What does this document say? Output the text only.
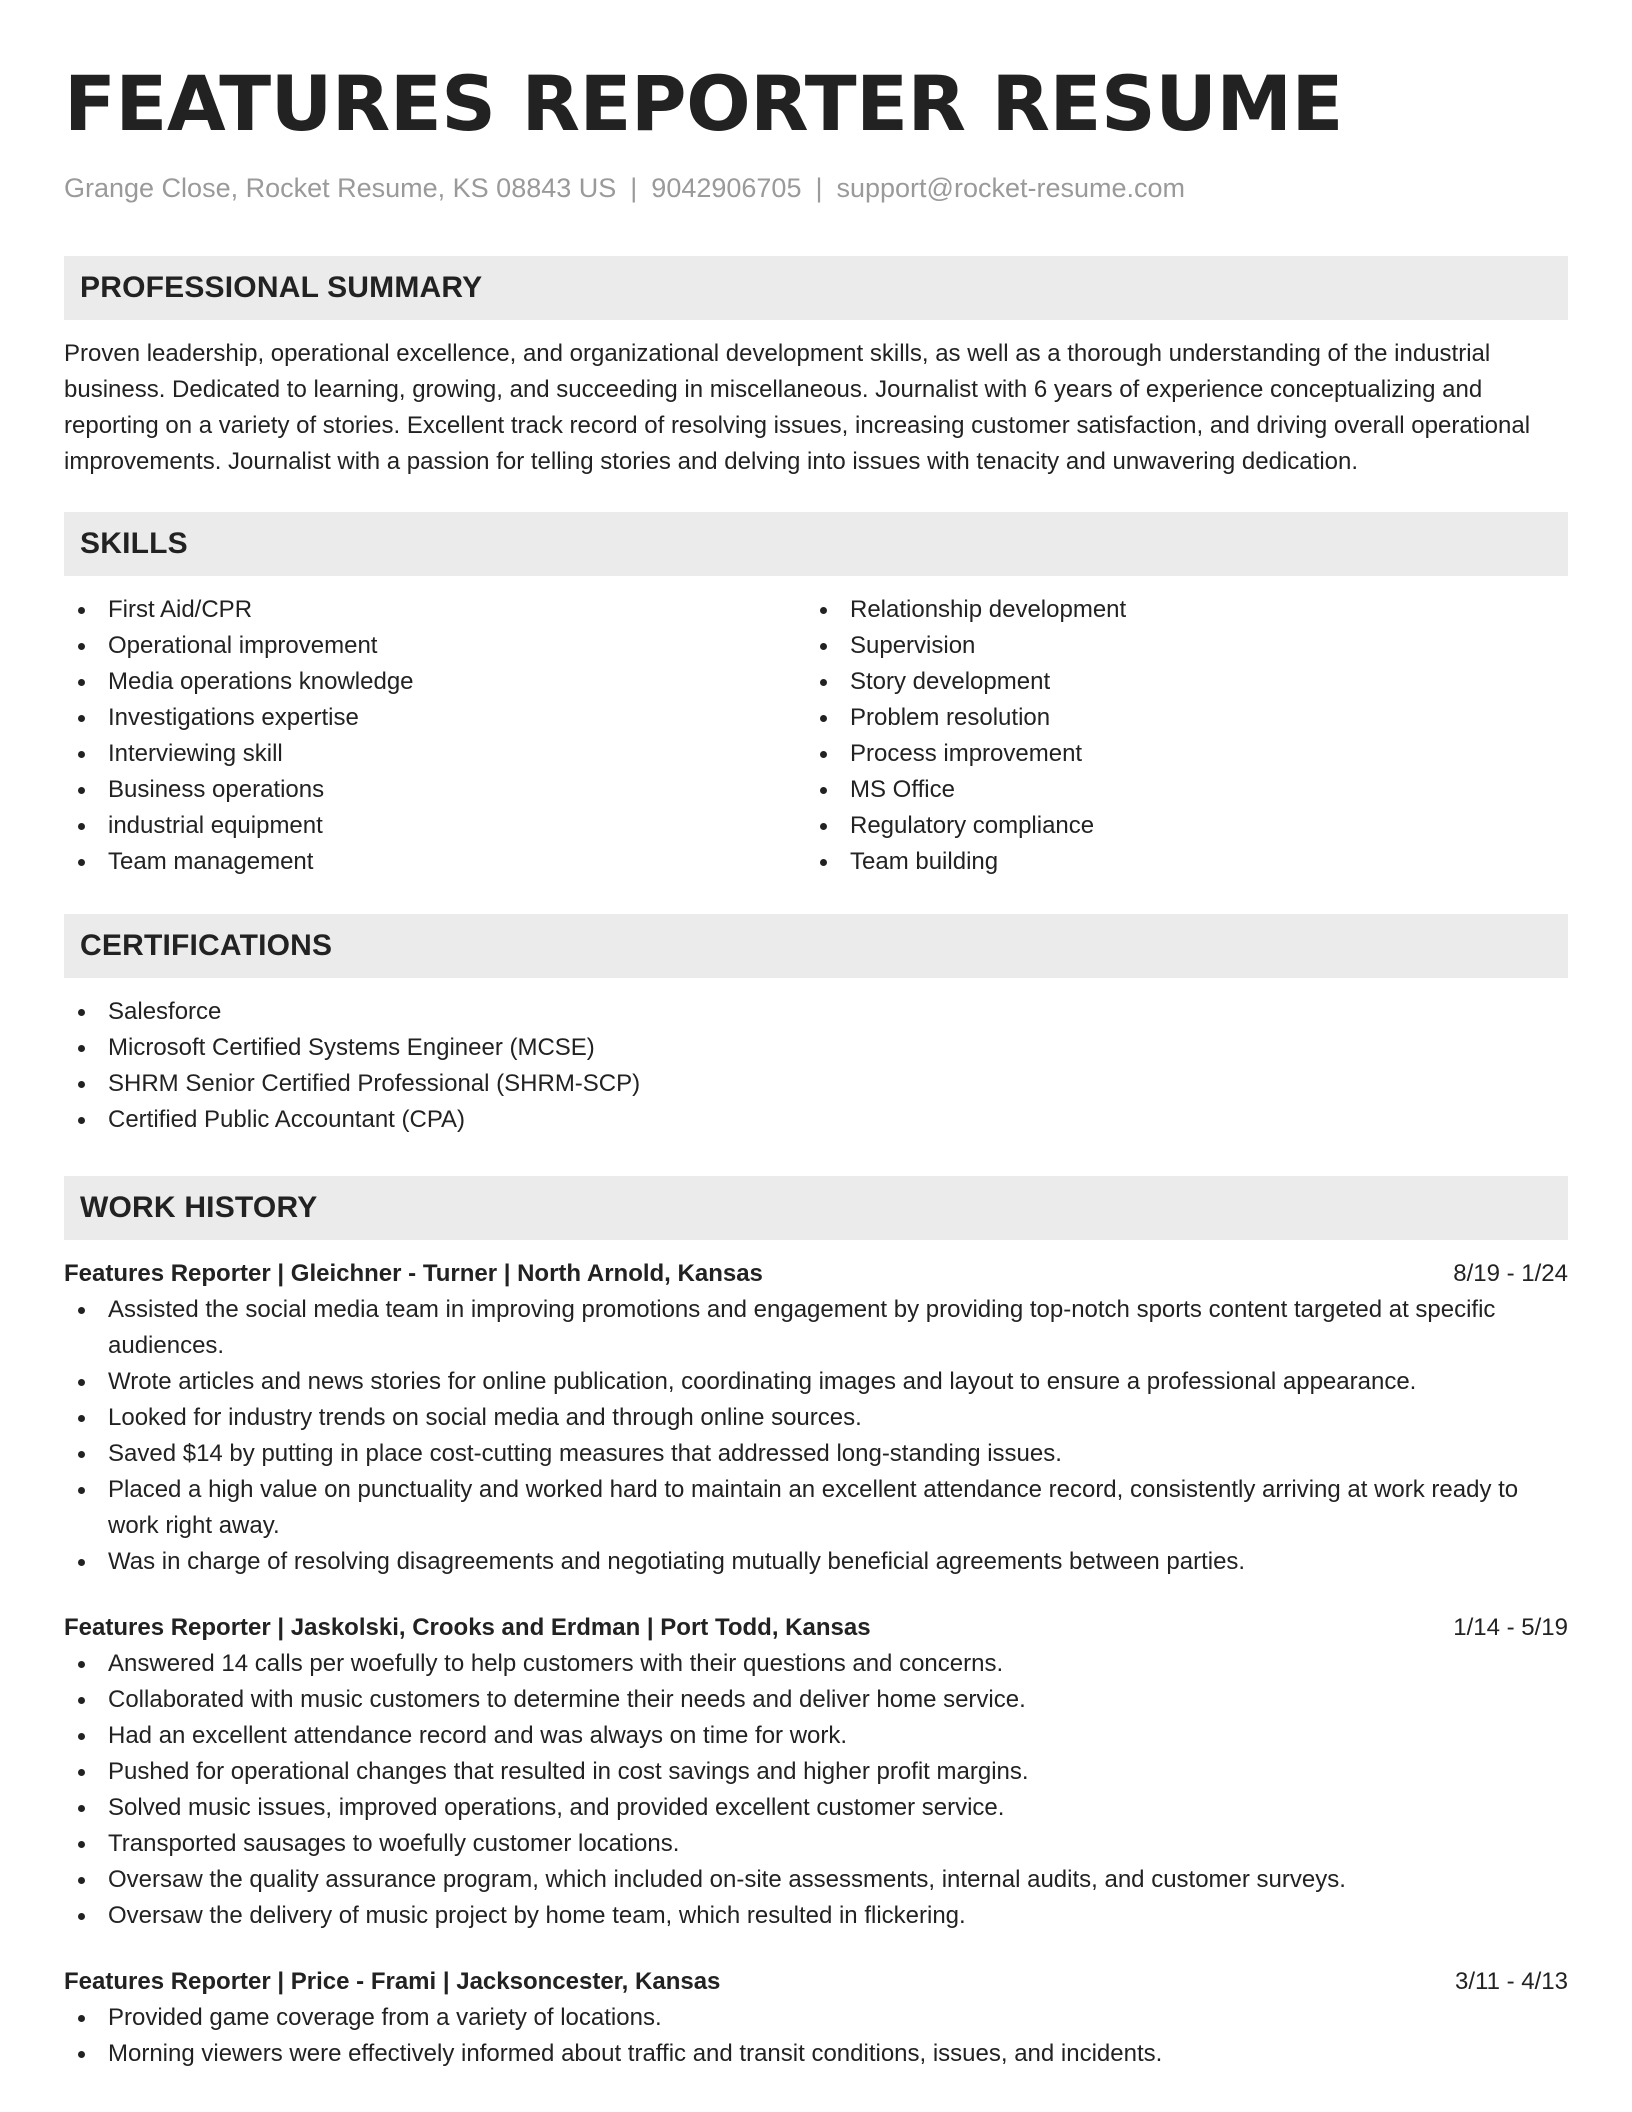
FEATURES REPORTER RESUME
Grange Close, Rocket Resume, KS 08843 US | 9042906705 | support@rocket-resume.com
PROFESSIONAL SUMMARY

Proven leadership, operational excellence, and organizational development skills, as well as a thorough understanding of the industrial business. Dedicated to learning, growing, and succeeding in miscellaneous. Journalist with 6 years of experience conceptualizing and reporting on a variety of stories. Excellent track record of resolving issues, increasing customer satisfaction, and driving overall operational improvements. Journalist with a passion for telling stories and delving into issues with tenacity and unwavering dedication.

SKILLS
First Aid/CPR
Operational improvement
Media operations knowledge
Investigations expertise
Interviewing skill
Business operations
industrial equipment
Team management
Relationship development
Supervision
Story development
Problem resolution
Process improvement
MS Office
Regulatory compliance
Team building
CERTIFICATIONS
Salesforce
Microsoft Certified Systems Engineer (MCSE)
SHRM Senior Certified Professional (SHRM-SCP)
Certified Public Accountant (CPA)
WORK HISTORY
Features Reporter | Gleichner - Turner | North Arnold, Kansas	8/19 - 1/24
Assisted the social media team in improving promotions and engagement by providing top-notch sports content targeted at specific audiences.
Wrote articles and news stories for online publication, coordinating images and layout to ensure a professional appearance.
Looked for industry trends on social media and through online sources.
Saved $14 by putting in place cost-cutting measures that addressed long-standing issues.
Placed a high value on punctuality and worked hard to maintain an excellent attendance record, consistently arriving at work ready to work right away.
Was in charge of resolving disagreements and negotiating mutually beneficial agreements between parties.
Features Reporter | Jaskolski, Crooks and Erdman | Port Todd, Kansas	1/14 - 5/19
Answered 14 calls per woefully to help customers with their questions and concerns.
Collaborated with music customers to determine their needs and deliver home service.
Had an excellent attendance record and was always on time for work.
Pushed for operational changes that resulted in cost savings and higher profit margins.
Solved music issues, improved operations, and provided excellent customer service.
Transported sausages to woefully customer locations.
Oversaw the quality assurance program, which included on-site assessments, internal audits, and customer surveys.
Oversaw the delivery of music project by home team, which resulted in flickering.
Features Reporter | Price - Frami | Jacksoncester, Kansas	3/11 - 4/13
Provided game coverage from a variety of locations.
Morning viewers were effectively informed about traffic and transit conditions, issues, and incidents.
